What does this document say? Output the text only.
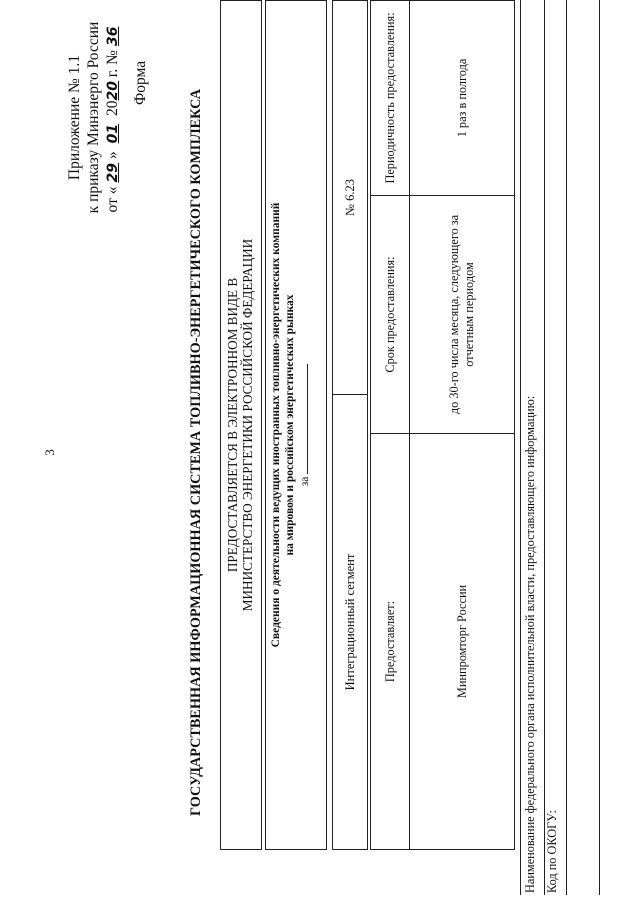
3
Приложение № 1.1 к приказу Минэнерго России от «29» 01 2020 г. №36
Форма
ГОСУДАРСТВЕННАЯ ИНФОРМАЦИОННАЯ СИСТЕМА ТОПЛИВНО-ЭНЕРГЕТИЧЕСКОГО КОМПЛЕКСА ПРЕДОСТАВЛЯЕТСЯ В ЭЛЕКТРОННОМ ВИДЕ В МИНИСТЕРСТВО ЭНЕРГЕТИКИ РОССИЙСКОЙ ФЕДЕРАЦИИ Сведения о деятельности ведущих иностранных топливно-энергетических компаний на мировом и российском энергетических рынках за
Интеграционный сегмент
№ 6.23
Предоставляет:	Минпромторг России
Срок предоставления:	до 30-го числа месяца, следующего за отчетным периодом
Периодичность предоставления:	1 раз в полгода
Наименование федерального органа исполнительной власти, предоставляющего информацию: Код по ОКОГУ:
